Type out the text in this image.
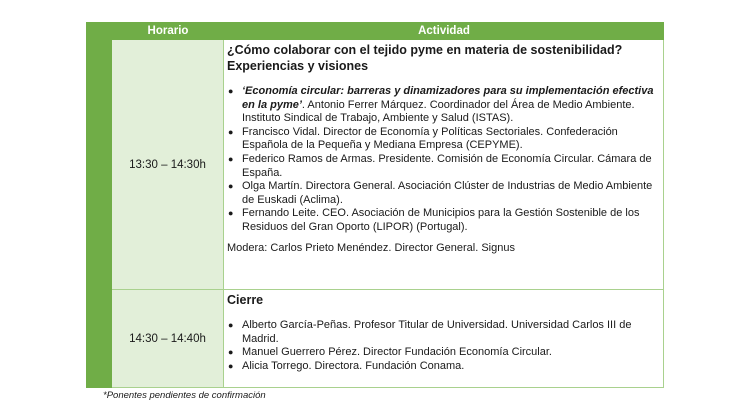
Horario	Actividad
13:30 – 14:30h
¿Cómo colaborar con el tejido pyme en materia de sostenibilidad? Experiencias y visiones
● ‘Economía circular: barreras y dinamizadores para su implementación efectiva en la pyme’. Antonio Ferrer Márquez. Coordinador del Área de Medio Ambiente. Instituto Sindical de Trabajo, Ambiente y Salud (ISTAS).
● Francisco Vidal. Director de Economía y Políticas Sectoriales. Confederación Española de la Pequeña y Mediana Empresa (CEPYME).
● Federico Ramos de Armas. Presidente. Comisión de Economía Circular. Cámara de España.
● Olga Martín. Directora General. Asociación Clúster de Industrias de Medio Ambiente de Euskadi (Aclima).
● Fernando Leite. CEO. Asociación de Municipios para la Gestión Sostenible de los Residuos del Gran Oporto (LIPOR) (Portugal).
Modera: Carlos Prieto Menéndez. Director General. Signus
14:30 – 14:40h
Cierre
● Alberto García-Peñas. Profesor Titular de Universidad. Universidad Carlos III de Madrid.
● Manuel Guerrero Pérez. Director Fundación Economía Circular.
● Alicia Torrego. Directora. Fundación Conama.
*Ponentes pendientes de confirmación
